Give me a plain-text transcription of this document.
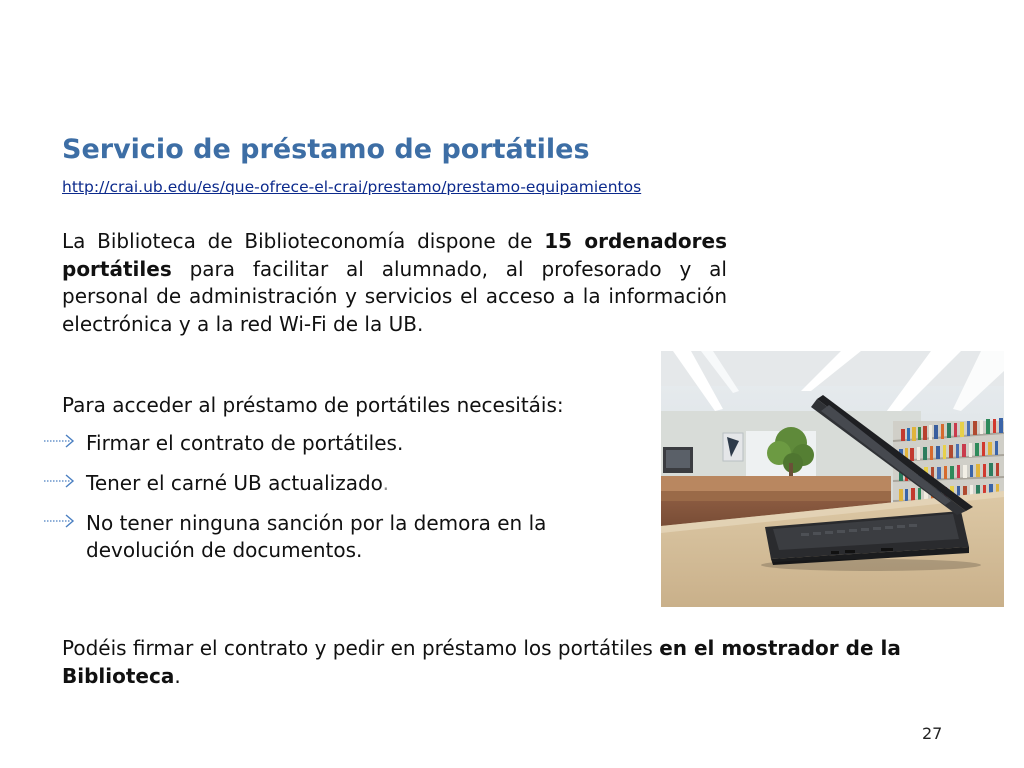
Servicio de préstamo de portátiles
http://crai.ub.edu/es/que-ofrece-el-crai/prestamo/prestamo-equipamientos

La Biblioteca de Biblioteconomía dispone de 15 ordenadores portátiles para facilitar al alumnado, al profesorado y al personal de administración y servicios el acceso a la información electrónica y a la red Wi-Fi de la UB.

Para acceder al préstamo de portátiles necesitáis:

Firmar el contrato de portátiles.
Tener el carné UB actualizado.
No tener ninguna sanción por la demora en la devolución de documentos.

Podéis firmar el contrato y pedir en préstamo los portátiles en el mostrador de la Biblioteca.

27
